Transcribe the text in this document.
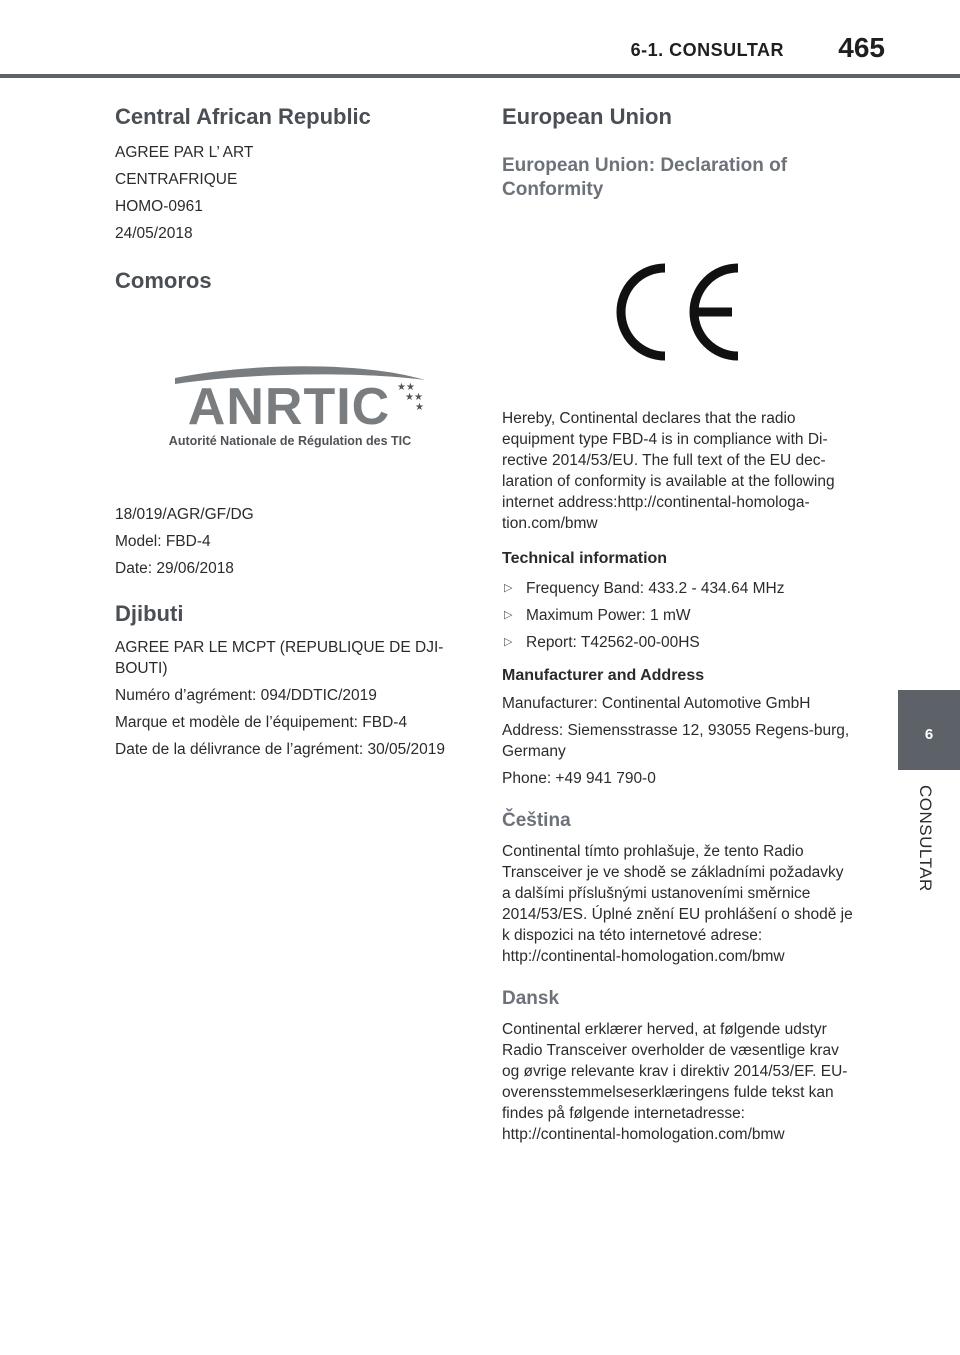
6-1. CONSULTAR 465
6
CONSULTAR
Central African Republic

AGREE PAR L’ ART

CENTRAFRIQUE

HOMO-0961

24/05/2018

Comoros
ANRTIC ★★
★★
★
Autorité Nationale de Régulation des TIC

18/019/AGR/GF/DG

Model: FBD-4

Date: 29/06/2018

Djibuti

AGREE PAR LE MCPT (REPUBLIQUE DE DJI-BOUTI)

Numéro d’agrément: 094/DDTIC/2019

Marque et modèle de l’équipement: FBD-4

Date de la délivrance de l’agrément: 30/05/2019

European Union
European Union: Declaration of Conformity

Hereby, Continental declares that the radio equipment type FBD-4 is in compliance with Di-rective 2014/53/EU. The full text of the EU dec-laration of conformity is available at the following internet address:http://continental-homologa-tion.com/bmw

Technical information
▷ Frequency Band: 433.2 - 434.64 MHz
▷ Maximum Power: 1 mW
▷ Report: T42562-00-00HS
Manufacturer and Address

Manufacturer: Continental Automotive GmbH

Address: Siemensstrasse 12, 93055 Regens-burg, Germany

Phone: +49 941 790-0

Čeština

Continental tímto prohlašuje, že tento Radio Transceiver je ve shodě se základními požadavky a dalšími příslušnými ustanoveními směrnice 2014/53/ES. Úplné znění EU prohlášení o shodě je k dispozici na této internetové adrese: http://continental-homologation.com/bmw

Dansk

Continental erklærer herved, at følgende udstyr Radio Transceiver overholder de væsentlige krav og øvrige relevante krav i direktiv 2014/53/EF. EU-overensstemmelseserklæringens fulde tekst kan findes på følgende internetadresse: http://continental-homologation.com/bmw
